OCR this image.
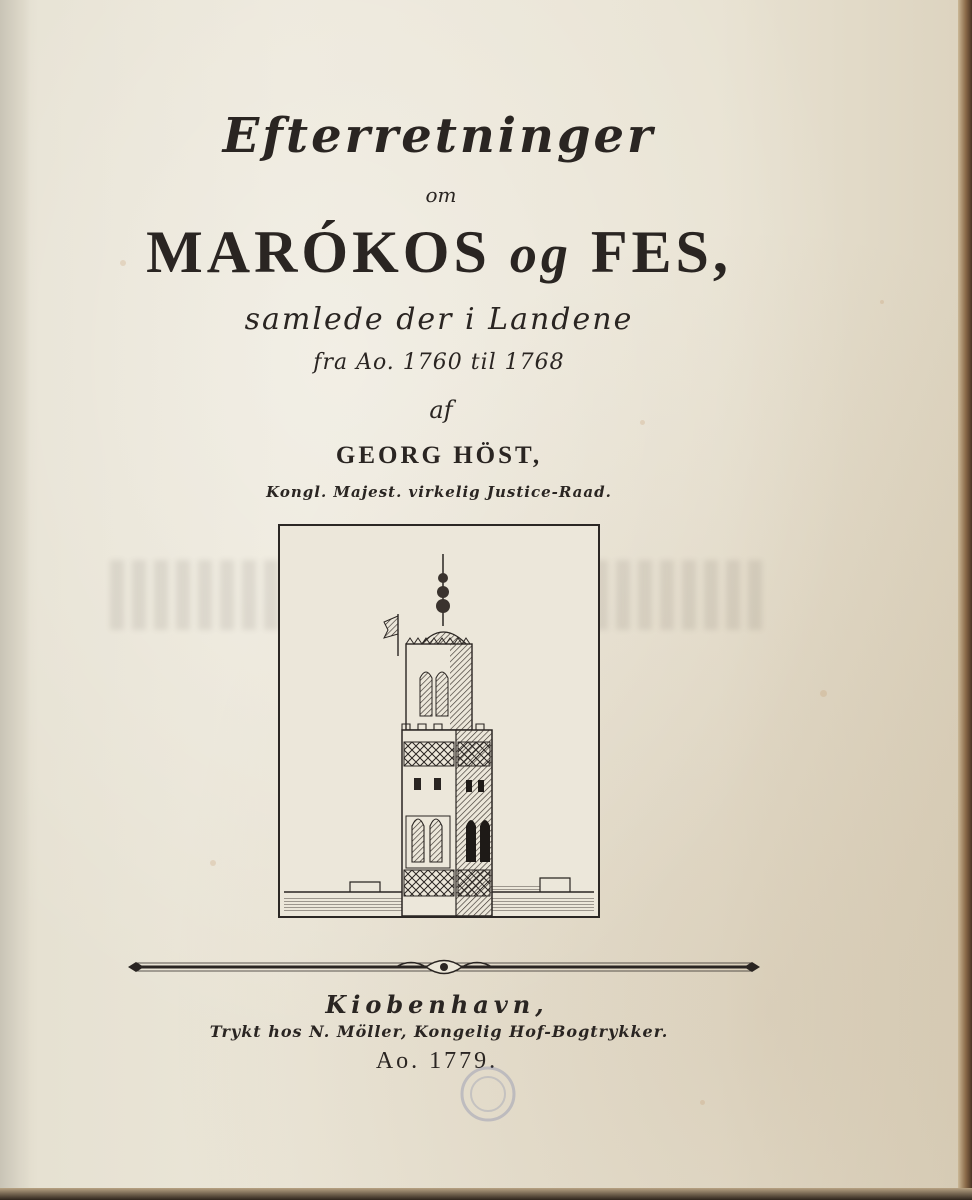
Efterretninger
om
MARÓKOS og FES,
samlede der i Landene
fra Ao. 1760 til 1768
af
GEORG HÖST,
Kongl. Majest. virkelig Justice-Raad.
Kiobenhavn,
Trykt hos N. Möller, Kongelig Hof-Bogtrykker.
Ao. 1779.
